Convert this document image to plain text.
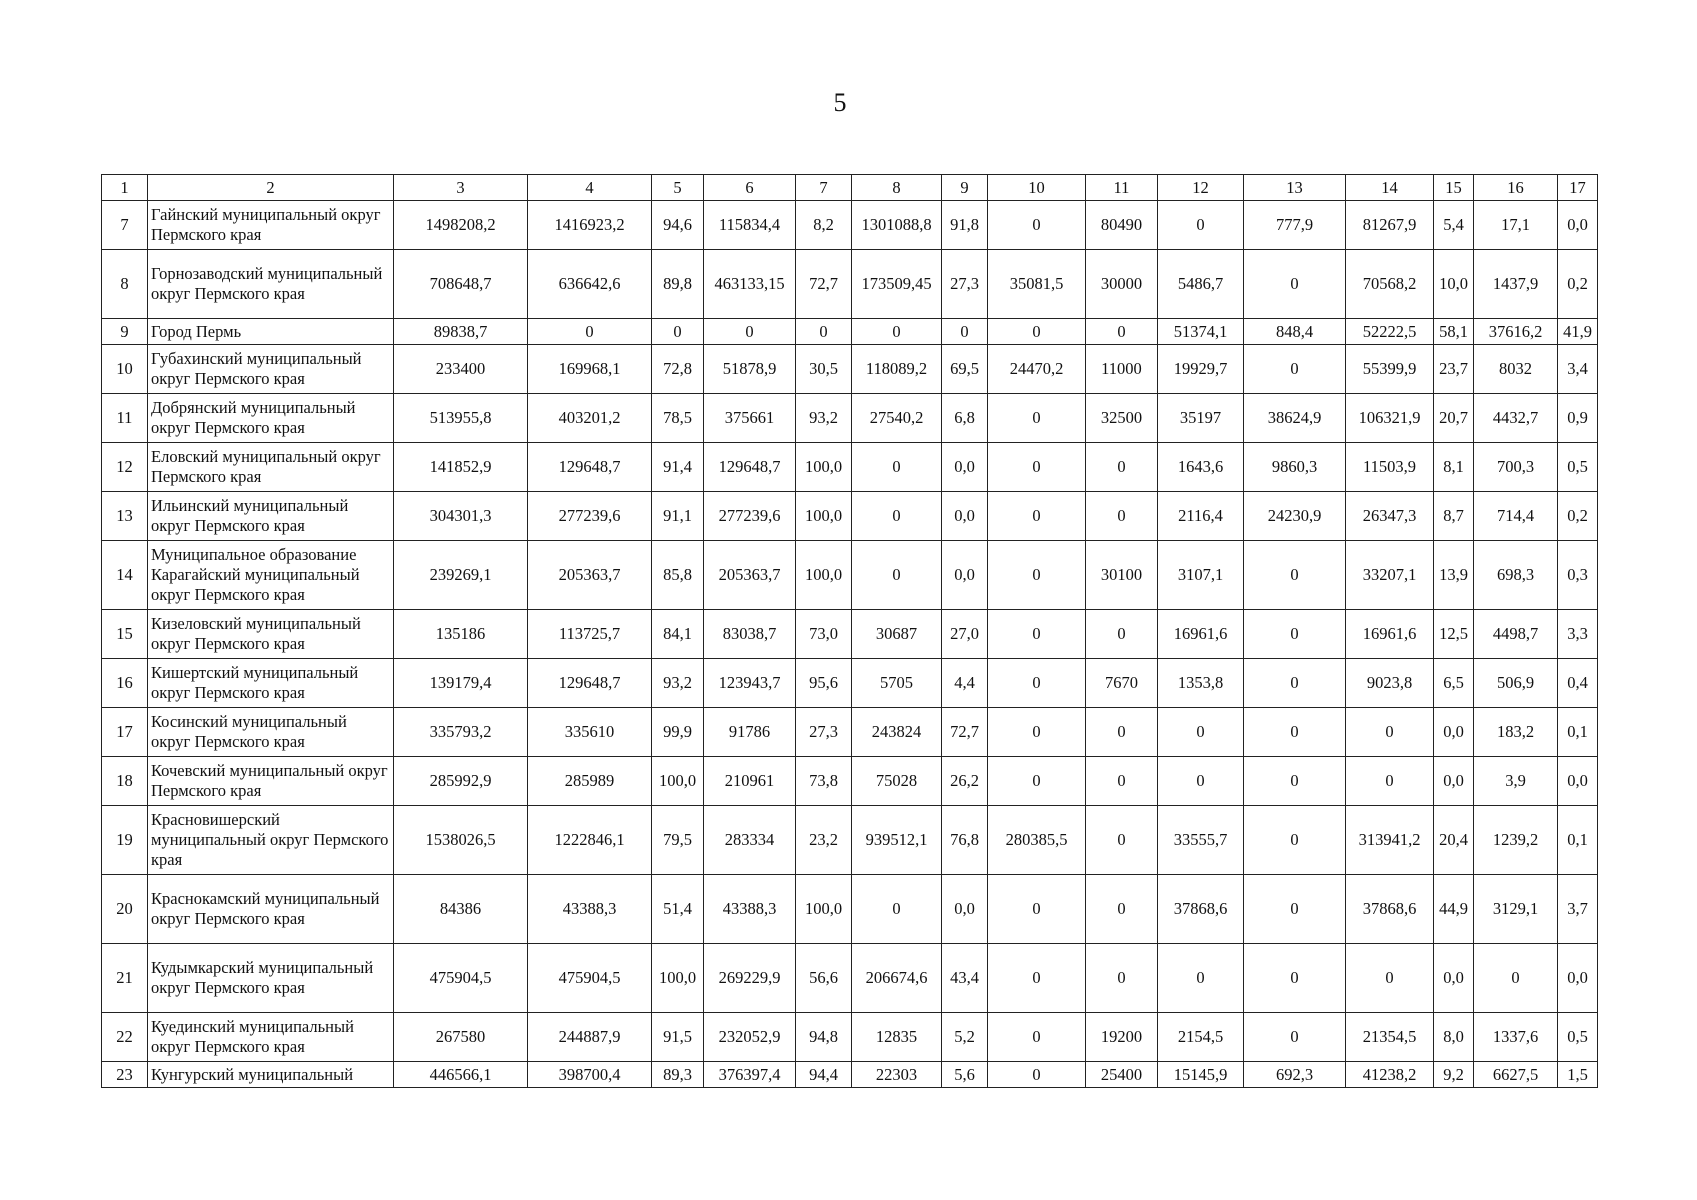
5
1	2	3	4	5	6	7	8	9	10	11	12	13	14	15	16	17
7	Гайнский муниципальный округ Пермского края	1498208,2	1416923,2	94,6	115834,4	8,2	1301088,8	91,8	0	80490	0	777,9	81267,9	5,4	17,1	0,0
8	Горнозаводский муниципальный округ Пермского края	708648,7	636642,6	89,8	463133,15	72,7	173509,45	27,3	35081,5	30000	5486,7	0	70568,2	10,0	1437,9	0,2
9	Город Пермь	89838,7	0	0	0	0	0	0	0	0	51374,1	848,4	52222,5	58,1	37616,2	41,9
10	Губахинский муниципальный округ Пермского края	233400	169968,1	72,8	51878,9	30,5	118089,2	69,5	24470,2	11000	19929,7	0	55399,9	23,7	8032	3,4
11	Добрянский муниципальный округ Пермского края	513955,8	403201,2	78,5	375661	93,2	27540,2	6,8	0	32500	35197	38624,9	106321,9	20,7	4432,7	0,9
12	Еловский муниципальный округ Пермского края	141852,9	129648,7	91,4	129648,7	100,0	0	0,0	0	0	1643,6	9860,3	11503,9	8,1	700,3	0,5
13	Ильинский муниципальный округ Пермского края	304301,3	277239,6	91,1	277239,6	100,0	0	0,0	0	0	2116,4	24230,9	26347,3	8,7	714,4	0,2
14	Муниципальное образование Карагайский муниципальный округ Пермского края	239269,1	205363,7	85,8	205363,7	100,0	0	0,0	0	30100	3107,1	0	33207,1	13,9	698,3	0,3
15	Кизеловский муниципальный округ Пермского края	135186	113725,7	84,1	83038,7	73,0	30687	27,0	0	0	16961,6	0	16961,6	12,5	4498,7	3,3
16	Кишертский муниципальный округ Пермского края	139179,4	129648,7	93,2	123943,7	95,6	5705	4,4	0	7670	1353,8	0	9023,8	6,5	506,9	0,4
17	Косинский муниципальный округ Пермского края	335793,2	335610	99,9	91786	27,3	243824	72,7	0	0	0	0	0	0,0	183,2	0,1
18	Кочевский муниципальный округ Пермского края	285992,9	285989	100,0	210961	73,8	75028	26,2	0	0	0	0	0	0,0	3,9	0,0
19	Красновишерский муниципальный округ Пермского края	1538026,5	1222846,1	79,5	283334	23,2	939512,1	76,8	280385,5	0	33555,7	0	313941,2	20,4	1239,2	0,1
20	Краснокамский муниципальный округ Пермского края	84386	43388,3	51,4	43388,3	100,0	0	0,0	0	0	37868,6	0	37868,6	44,9	3129,1	3,7
21	Кудымкарский муниципальный округ Пермского края	475904,5	475904,5	100,0	269229,9	56,6	206674,6	43,4	0	0	0	0	0	0,0	0	0,0
22	Куединский муниципальный округ Пермского края	267580	244887,9	91,5	232052,9	94,8	12835	5,2	0	19200	2154,5	0	21354,5	8,0	1337,6	0,5
23	Кунгурский муниципальный	446566,1	398700,4	89,3	376397,4	94,4	22303	5,6	0	25400	15145,9	692,3	41238,2	9,2	6627,5	1,5
